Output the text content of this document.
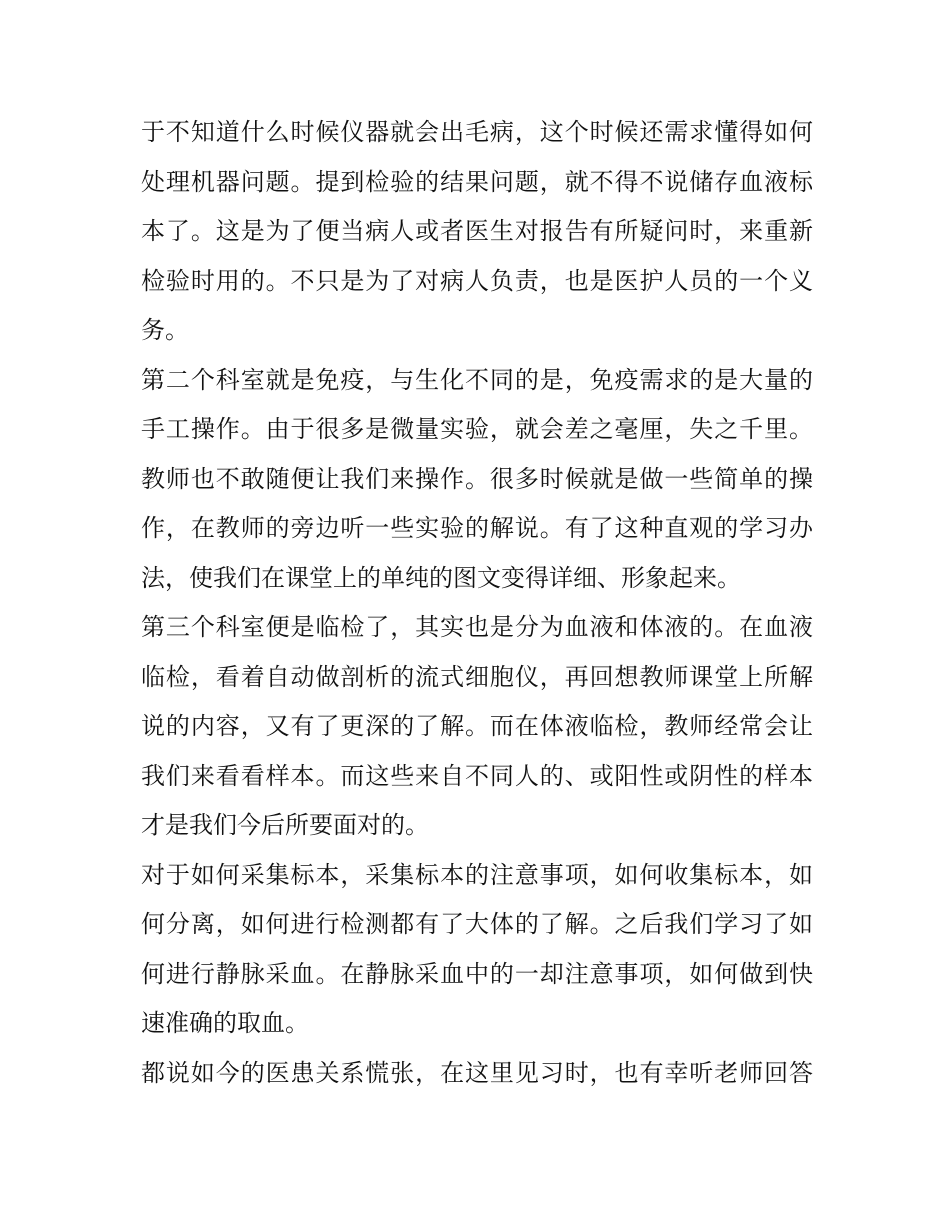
于不知道什么时候仪器就会出毛病，这个时候还需求懂得如何
处理机器问题。提到检验的结果问题，就不得不说储存血液标
本了。这是为了便当病人或者医生对报告有所疑问时，来重新
检验时用的。不只是为了对病人负责，也是医护人员的一个义
务。
第二个科室就是免疫，与生化不同的是，免疫需求的是大量的
手工操作。由于很多是微量实验，就会差之毫厘，失之千里。
教师也不敢随便让我们来操作。很多时候就是做一些简单的操
作，在教师的旁边听一些实验的解说。有了这种直观的学习办
法，使我们在课堂上的单纯的图文变得详细、形象起来。
第三个科室便是临检了，其实也是分为血液和体液的。在血液
临检，看着自动做剖析的流式细胞仪，再回想教师课堂上所解
说的内容，又有了更深的了解。而在体液临检，教师经常会让
我们来看看样本。而这些来自不同人的、或阳性或阴性的样本
才是我们今后所要面对的。
对于如何采集标本，采集标本的注意事项，如何收集标本，如
何分离，如何进行检测都有了大体的了解。之后我们学习了如
何进行静脉采血。在静脉采血中的一却注意事项，如何做到快
速准确的取血。
都说如今的医患关系慌张，在这里见习时，也有幸听老师回答
